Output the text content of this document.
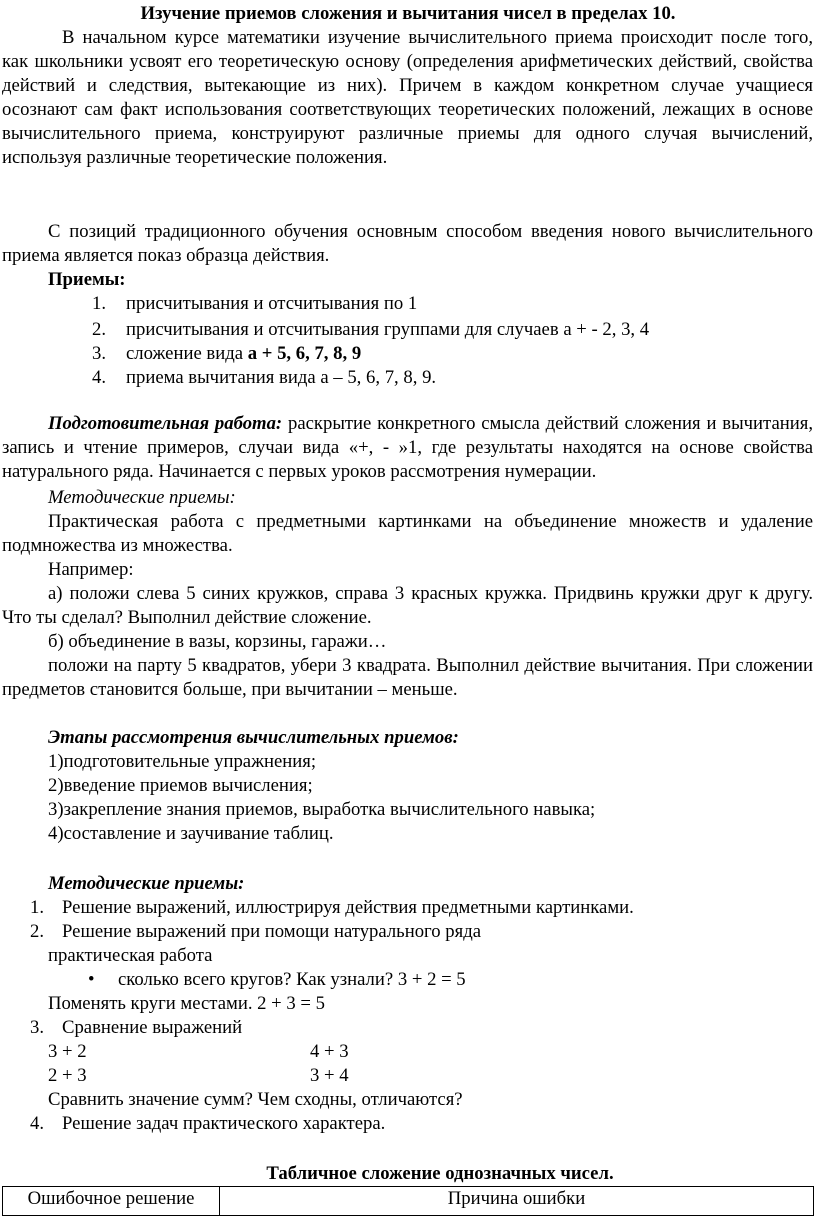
Изучение приемов сложения и вычитания чисел в пределах 10.
В начальном курсе математики изучение вычислительного приема происходит после того, как школьники усвоят его теоретическую основу (определения арифметических действий, свойства действий и следствия, вытекающие из них). Причем в каждом конкретном случае учащиеся осознают сам факт использования соответствующих теоретических положений, лежащих в основе вычислительного приема, конструируют различные приемы для одного случая вычислений, используя различные теоретические положения.
С позиций традиционного обучения основным способом введения нового вычислительного приема является показ образца действия.
Приемы:
1. присчитывания и отсчитывания по 1
2. присчитывания и отсчитывания группами для случаев а + - 2, 3, 4
3. сложение вида а + 5, 6, 7, 8, 9
4. приема вычитания вида а – 5, 6, 7, 8, 9.
Подготовительная работа: раскрытие конкретного смысла действий сложения и вычитания, запись и чтение примеров, случаи вида «+, - »1, где результаты находятся на основе свойства натурального ряда. Начинается с первых уроков рассмотрения нумерации.
Методические приемы:
Практическая работа с предметными картинками на объединение множеств и удаление подмножества из множества.
Например:
а) положи слева 5 синих кружков, справа 3 красных кружка. Придвинь кружки друг к другу. Что ты сделал? Выполнил действие сложение.
б) объединение в вазы, корзины, гаражи…
положи на парту 5 квадратов, убери 3 квадрата. Выполнил действие вычитания. При сложении предметов становится больше, при вычитании – меньше.
Этапы рассмотрения вычислительных приемов:
1)подготовительные упражнения;
2)введение приемов вычисления;
3)закрепление знания приемов, выработка вычислительного навыка;
4)составление и заучивание таблиц.
Методические приемы:
1. Решение выражений, иллюстрируя действия предметными картинками.
2. Решение выражений при помощи натурального ряда
практическая работа
• сколько всего кругов? Как узнали? 3 + 2 = 5
Поменять круги местами. 2 + 3 = 5
3. Сравнение выражений
3 + 2	4 + 3
2 + 3	3 + 4
Сравнить значение сумм? Чем сходны, отличаются?
4. Решение задач практического характера.
Табличное сложение однозначных чисел.
Ошибочное решение	Причина ошибки
